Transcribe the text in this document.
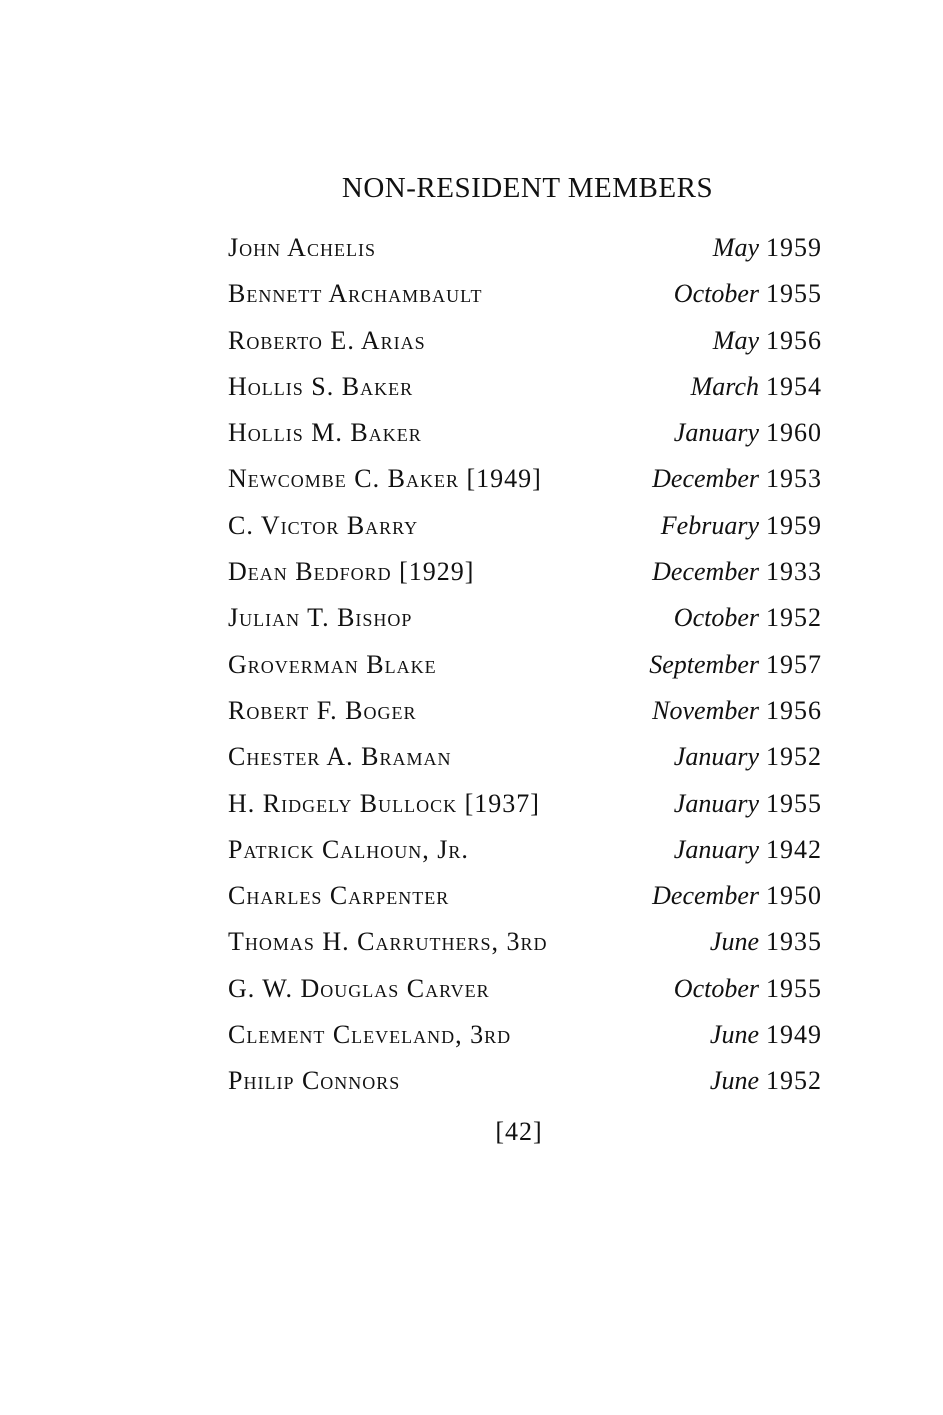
NON-RESIDENT MEMBERS
John Achelis	May 1959
Bennett Archambault	October 1955
Roberto E. Arias	May 1956
Hollis S. Baker	March 1954
Hollis M. Baker	January 1960
Newcombe C. Baker [1949]	December 1953
C. Victor Barry	February 1959
Dean Bedford [1929]	December 1933
Julian T. Bishop	October 1952
Groverman Blake	September 1957
Robert F. Boger	November 1956
Chester A. Braman	January 1952
H. Ridgely Bullock [1937]	January 1955
Patrick Calhoun, Jr.	January 1942
Charles Carpenter	December 1950
Thomas H. Carruthers, 3rd	June 1935
G. W. Douglas Carver	October 1955
Clement Cleveland, 3rd	June 1949
Philip Connors	June 1952
[42]
